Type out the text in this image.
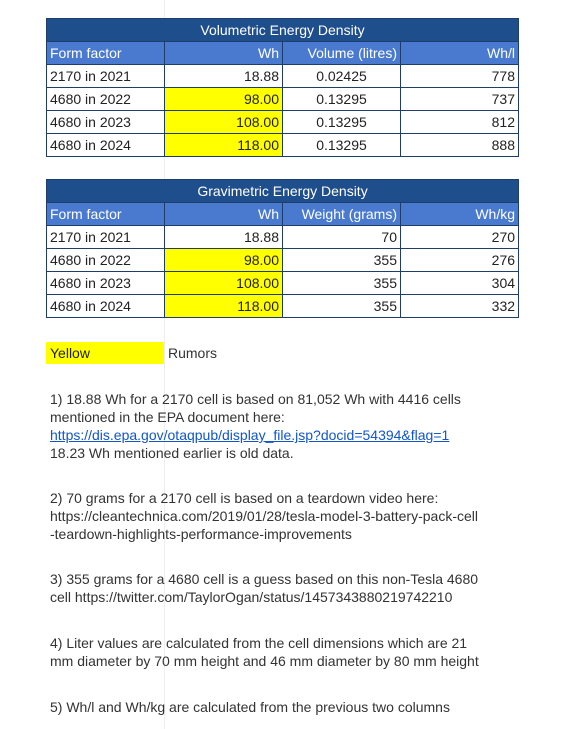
Volumetric Energy Density			
Form factor	Wh	Volume (litres)	Wh/l
2170 in 2021	18.88	0.02425	778
4680 in 2022	98.00	0.13295	737
4680 in 2023	108.00	0.13295	812
4680 in 2024	118.00	0.13295	888
Gravimetric Energy Density			
Form factor	Wh	Weight (grams)	Wh/kg
2170 in 2021	18.88	70	270
4680 in 2022	98.00	355	276
4680 in 2023	108.00	355	304
4680 in 2024	118.00	355	332
Yellow	Rumors
1) 18.88 Wh for a 2170 cell is based on 81,052 Wh with 4416 cells
mentioned in the EPA document here:
https://dis.epa.gov/otaqpub/display_file.jsp?docid=54394&flag=1
18.23 Wh mentioned earlier is old data.
2) 70 grams for a 2170 cell is based on a teardown video here:
https://cleantechnica.com/2019/01/28/tesla-model-3-battery-pack-cell
-teardown-highlights-performance-improvements
3) 355 grams for a 4680 cell is a guess based on this non-Tesla 4680
cell https://twitter.com/TaylorOgan/status/1457343880219742210
4) Liter values are calculated from the cell dimensions which are 21
mm diameter by 70 mm height and 46 mm diameter by 80 mm height
5) Wh/l and Wh/kg are calculated from the previous two columns
